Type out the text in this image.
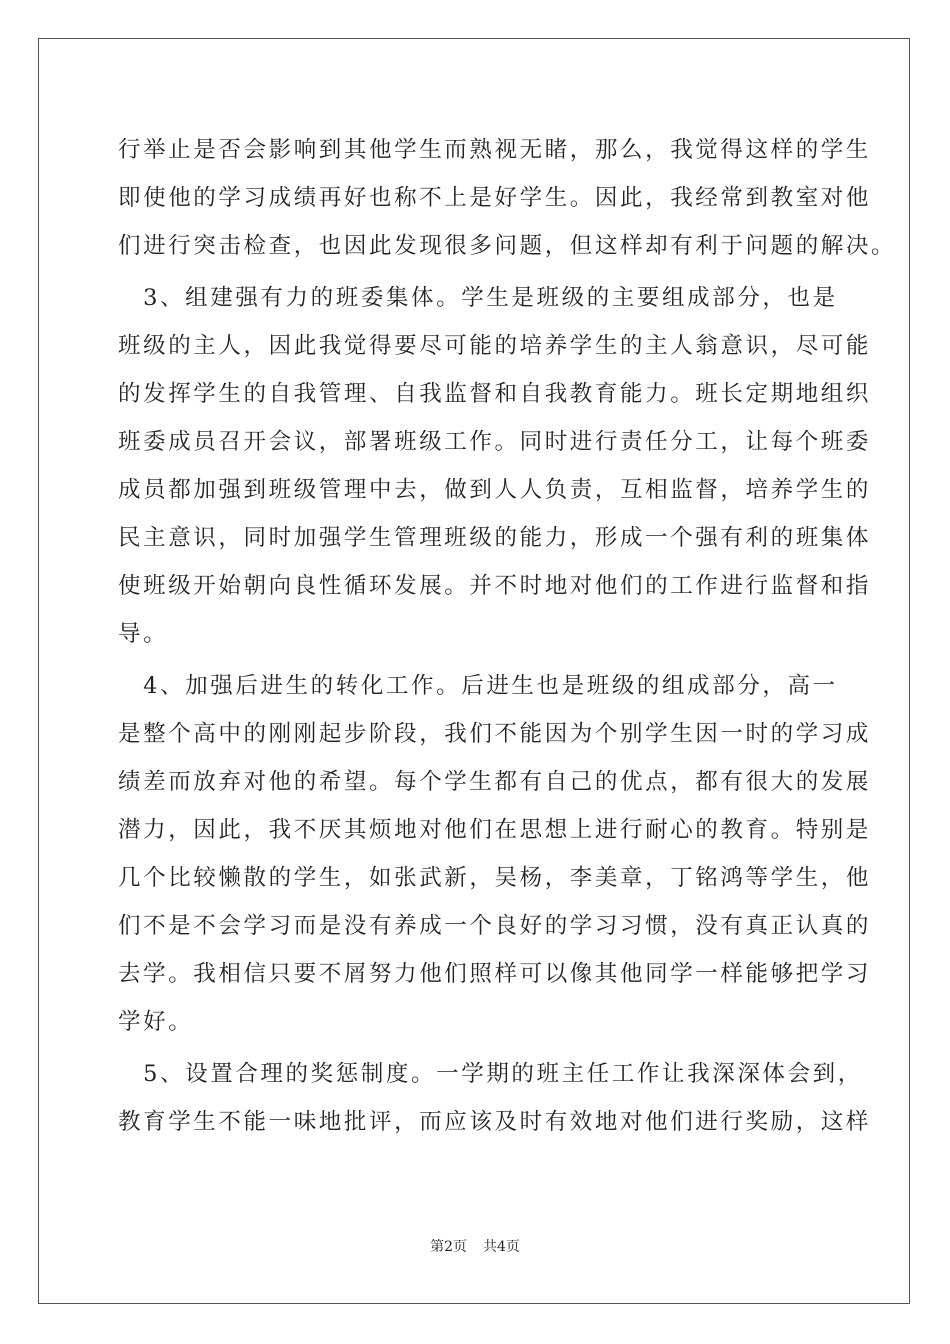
行举止是否会影响到其他学生而熟视无睹，那么，我觉得这样的学生
即使他的学习成绩再好也称不上是好学生。因此，我经常到教室对他
们进行突击检查，也因此发现很多问题，但这样却有利于问题的解决。
　3、组建强有力的班委集体。学生是班级的主要组成部分，也是
班级的主人，因此我觉得要尽可能的培养学生的主人翁意识，尽可能
的发挥学生的自我管理、自我监督和自我教育能力。班长定期地组织
班委成员召开会议，部署班级工作。同时进行责任分工，让每个班委
成员都加强到班级管理中去，做到人人负责，互相监督，培养学生的
民主意识，同时加强学生管理班级的能力，形成一个强有利的班集体
使班级开始朝向良性循环发展。并不时地对他们的工作进行监督和指
导。
　4、加强后进生的转化工作。后进生也是班级的组成部分，高一
是整个高中的刚刚起步阶段，我们不能因为个别学生因一时的学习成
绩差而放弃对他的希望。每个学生都有自己的优点，都有很大的发展
潜力，因此，我不厌其烦地对他们在思想上进行耐心的教育。特别是
几个比较懒散的学生，如张武新，吴杨，李美章，丁铭鸿等学生，他
们不是不会学习而是没有养成一个良好的学习习惯，没有真正认真的
去学。我相信只要不屑努力他们照样可以像其他同学一样能够把学习
学好。
　5、设置合理的奖惩制度。一学期的班主任工作让我深深体会到，
教育学生不能一味地批评，而应该及时有效地对他们进行奖励，这样
第2页 共4页
